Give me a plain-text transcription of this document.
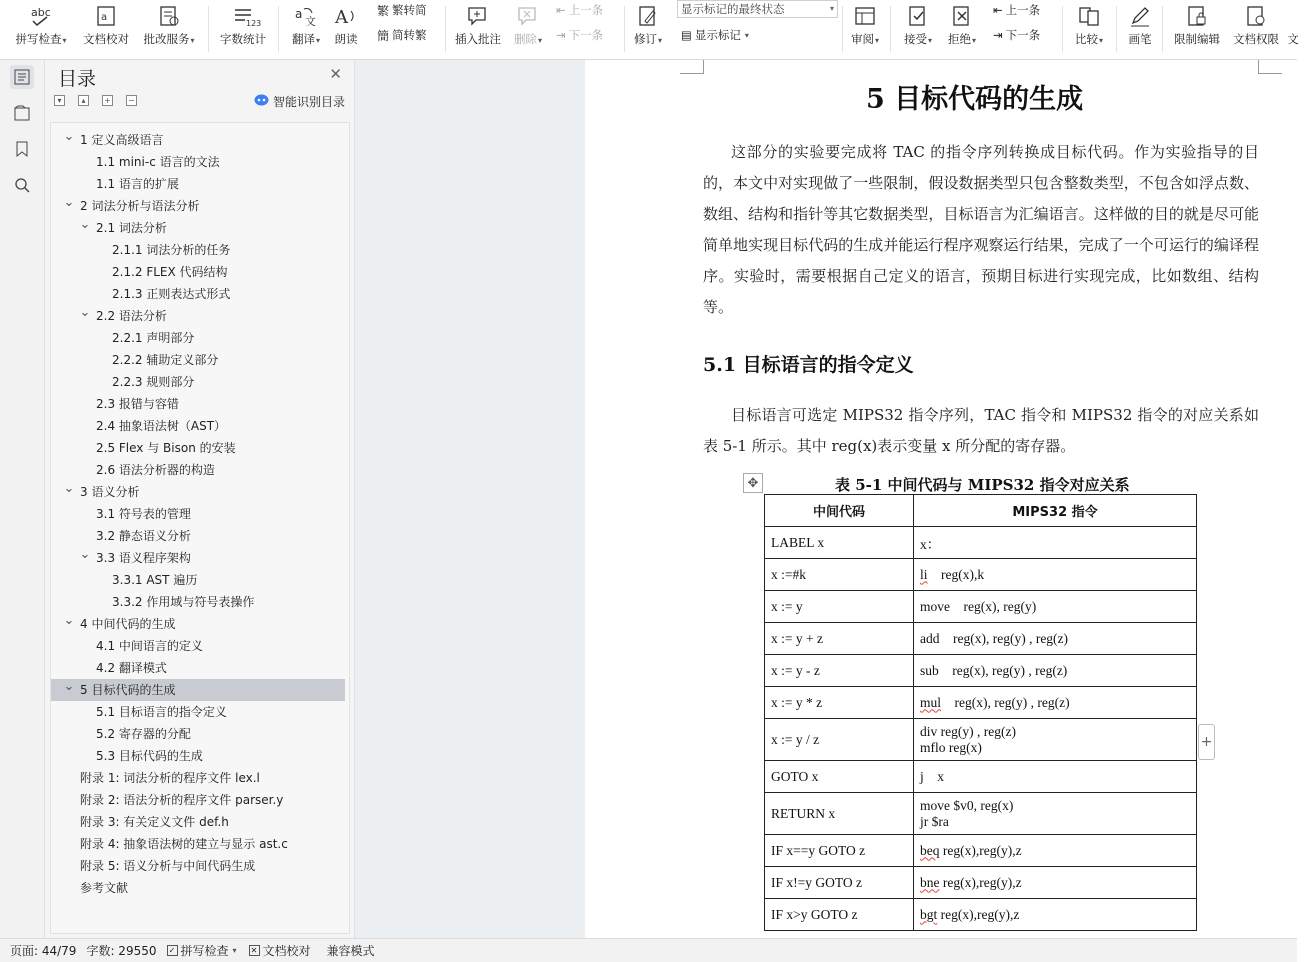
abc
拼写检查▾
a
文档校对 批改服务▾
123
字数统计
a
文
翻译▾
A
朗读
繁 繁转简
簡 简转繁 插入批注 删除▾
⇤ 上一条
⇥ 下一条	修订▾
显示标记的最终状态	▾
▤ 显示标记 ▾	审阅▾ 接受▾ 拒绝▾
⇤ 上一条
⇥ 下一条	比较▾ 画笔 限制编辑 文档权限 文
目录	✕
▾	▴	+ −	智能识别目录
⌄ 1 定义高级语言
1.1 mini-c 语言的文法
1.1 语言的扩展
⌄ 2 词法分析与语法分析
⌄ 2.1 词法分析
2.1.1 词法分析的任务
2.1.2 FLEX 代码结构
2.1.3 正则表达式形式
⌄ 2.2 语法分析
2.2.1 声明部分
2.2.2 辅助定义部分
2.2.3 规则部分
2.3 报错与容错
2.4 抽象语法树（AST）
2.5 Flex 与 Bison 的安装
2.6 语法分析器的构造
⌄ 3 语义分析
3.1 符号表的管理
3.2 静态语义分析
⌄ 3.3 语义程序架构
3.3.1 AST 遍历
3.3.2 作用域与符号表操作
⌄ 4 中间代码的生成
4.1 中间语言的定义
4.2 翻译模式
⌄ 5 目标代码的生成
5.1 目标语言的指令定义
5.2 寄存器的分配
5.3 目标代码的生成
附录 1: 词法分析的程序文件 lex.l
附录 2: 语法分析的程序文件 parser.y
附录 3: 有关定义文件 def.h
附录 4: 抽象语法树的建立与显示 ast.c
附录 5: 语义分析与中间代码生成
参考文献
5 目标代码的生成
这部分的实验要完成将 TAC 的指令序列转换成目标代码。作为实验指导的目的，本文中对实现做了一些限制，假设数据类型只包含整数类型，不包含如浮点数、数组、结构和指针等其它数据类型，目标语言为汇编语言。这样做的目的就是尽可能简单地实现目标代码的生成并能运行程序观察运行结果，完成了一个可运行的编译程序。实验时，需要根据自己定义的语言，预期目标进行实现完成，比如数组、结构等。
5.1 目标语言的指令定义
目标语言可选定 MIPS32 指令序列，TAC 指令和 MIPS32 指令的对应关系如表 5-1 所示。其中 reg(x)表示变量 x 所分配的寄存器。
✥	表 5-1 中间代码与 MIPS32 指令对应关系
中间代码	MIPS32 指令
LABEL x	x：
x :=#k	li    reg(x),k
x := y	move    reg(x), reg(y)
x := y + z	add    reg(x), reg(y) , reg(z)
x := y - z	sub    reg(x), reg(y) , reg(z)
x := y * z	mul    reg(x), reg(y) , reg(z)
x := y / z	div reg(y) , reg(z)
mflo reg(x)
GOTO x	j    x
RETURN x	move $v0, reg(x)
jr $ra
IF x==y GOTO z	beq reg(x),reg(y),z
IF x!=y GOTO z	bne reg(x),reg(y),z
IF x>y GOTO z	bgt reg(x),reg(y),z
+
页面: 44/79 字数: 29550 ✓ 拼写检查 ▾ ✕ 文档校对 兼容模式
